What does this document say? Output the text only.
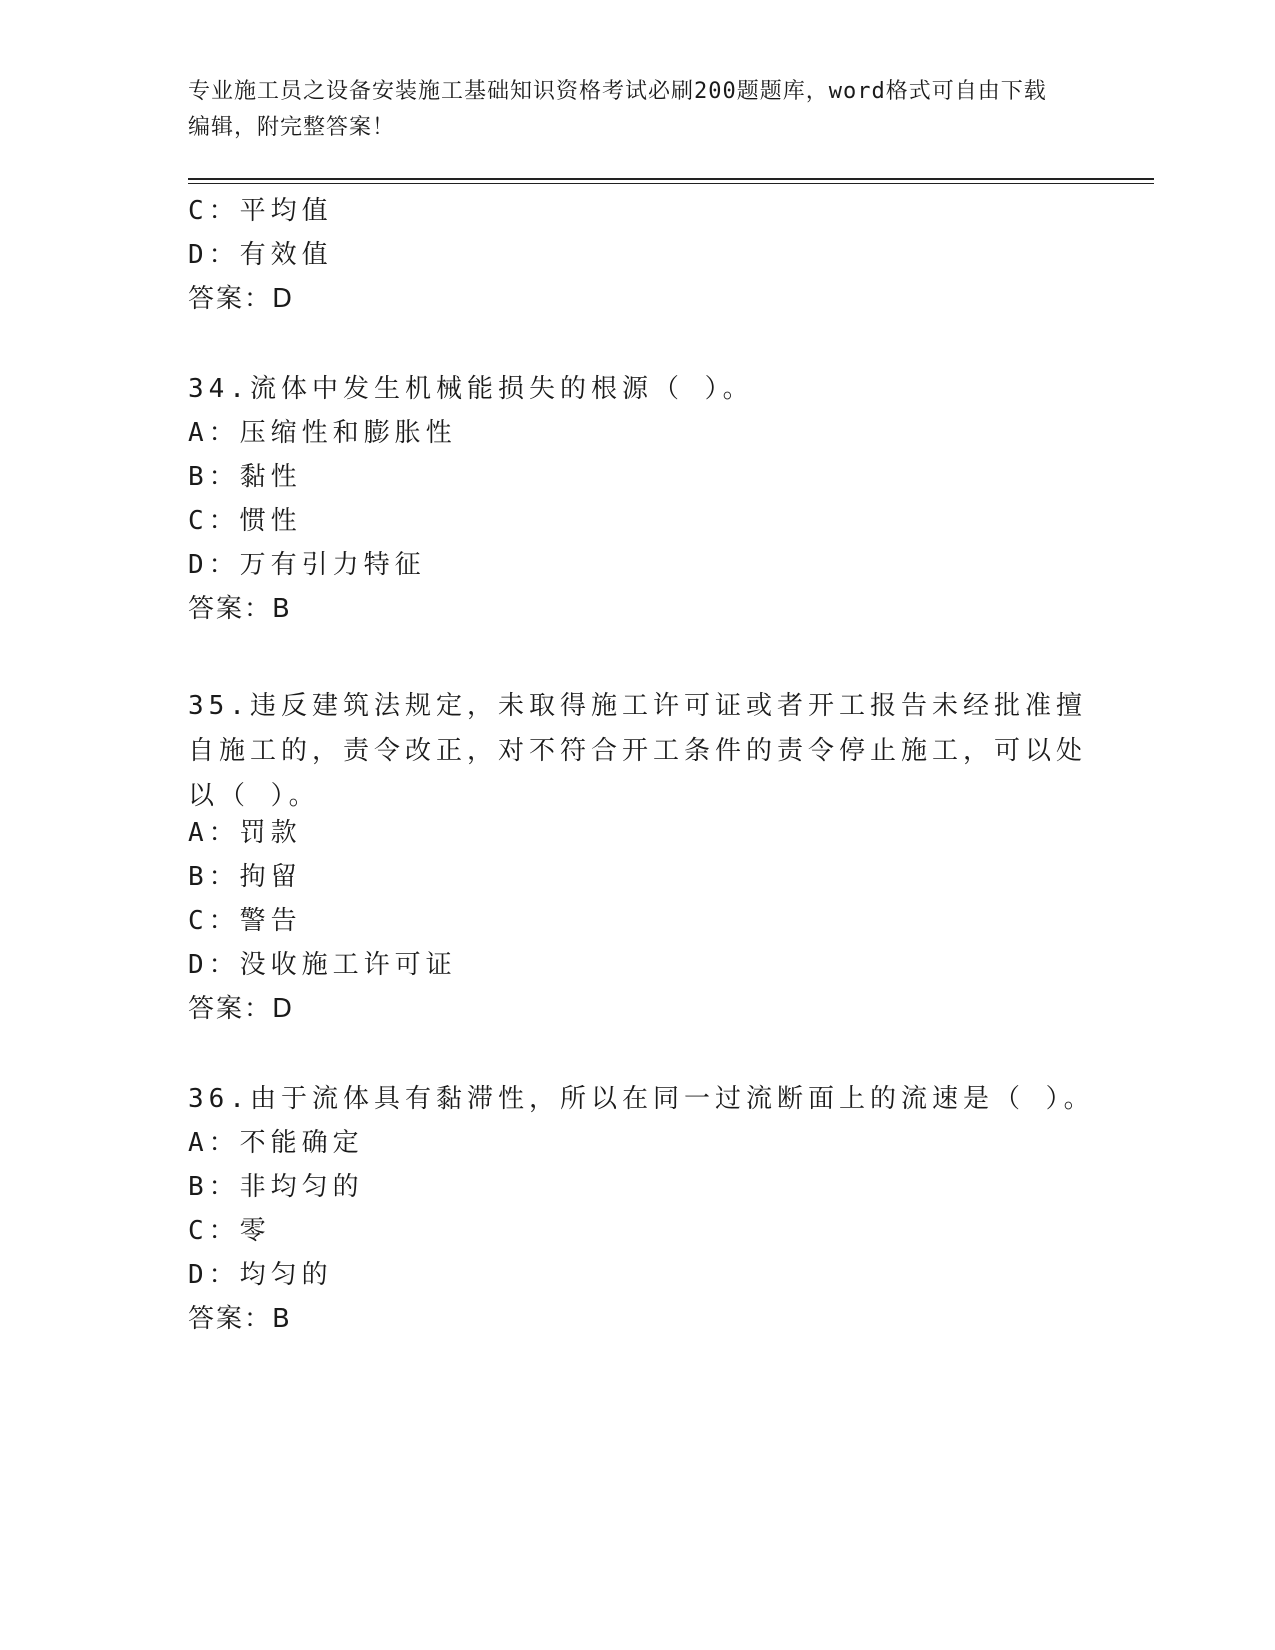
专业施工员之设备安装施工基础知识资格考试必刷200题题库，word格式可自由下载编辑，附完整答案！
C：平均值
D：有效值
答案：D
34.流体中发生机械能损失的根源（ ）。
A：压缩性和膨胀性
B：黏性
C：惯性
D：万有引力特征
答案：B
35.违反建筑法规定，未取得施工许可证或者开工报告未经批准擅自施工的，责令改正，对不符合开工条件的责令停止施工，可以处以（ ）。
A：罚款
B：拘留
C：警告
D：没收施工许可证
答案：D
36.由于流体具有黏滞性，所以在同一过流断面上的流速是（ ）。
A：不能确定
B：非均匀的
C：零
D：均匀的
答案：B
